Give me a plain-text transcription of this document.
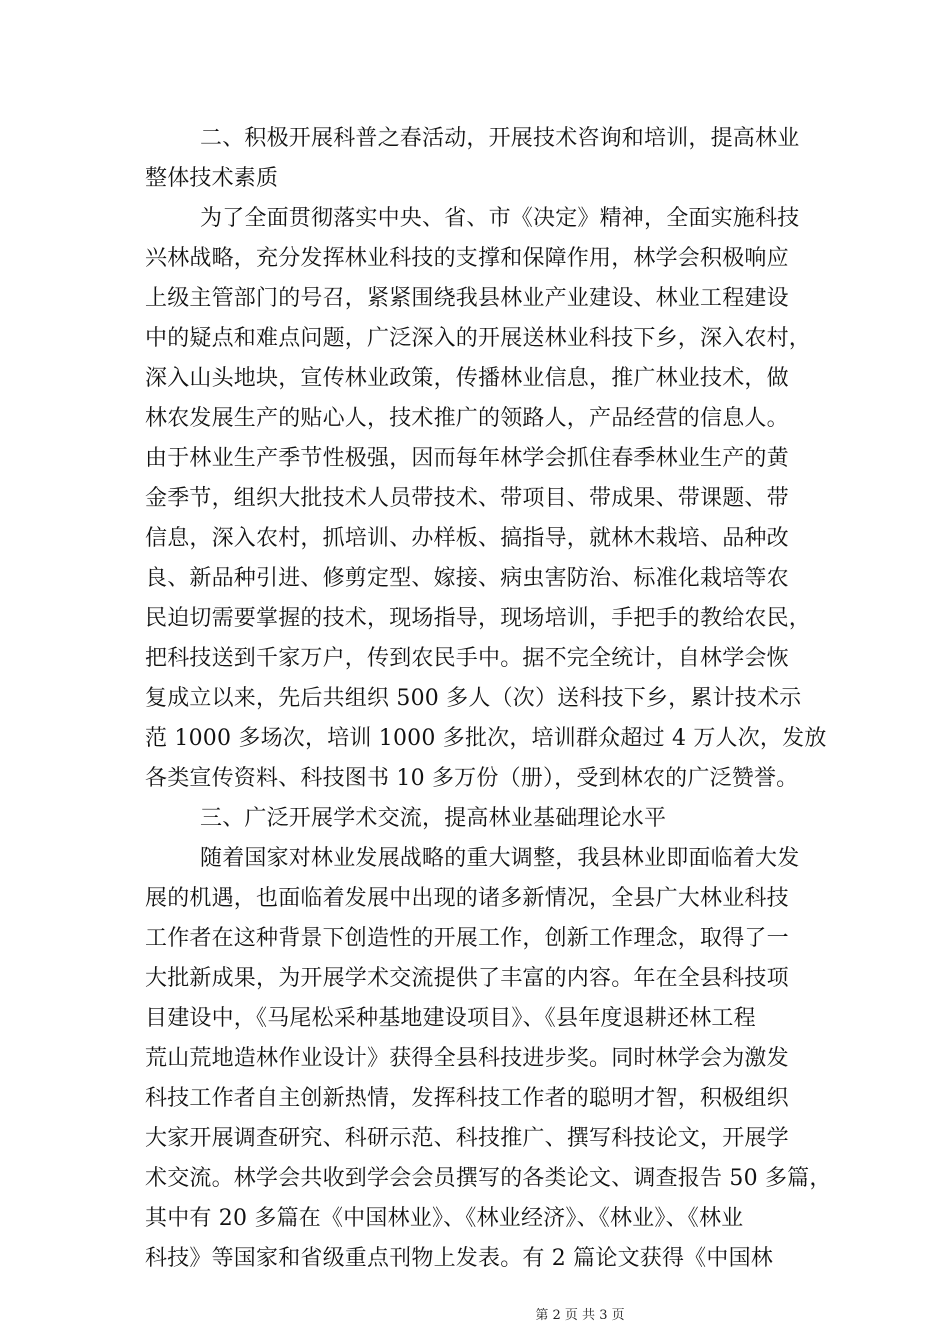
二、积极开展科普之春活动，开展技术咨询和培训，提高林业
整体技术素质
为了全面贯彻落实中央、省、市《决定》精神，全面实施科技
兴林战略，充分发挥林业科技的支撑和保障作用，林学会积极响应
上级主管部门的号召，紧紧围绕我县林业产业建设、林业工程建设
中的疑点和难点问题，广泛深入的开展送林业科技下乡，深入农村，
深入山头地块，宣传林业政策，传播林业信息，推广林业技术，做
林农发展生产的贴心人，技术推广的领路人，产品经营的信息人。
由于林业生产季节性极强，因而每年林学会抓住春季林业生产的黄
金季节，组织大批技术人员带技术、带项目、带成果、带课题、带
信息，深入农村，抓培训、办样板、搞指导，就林木栽培、品种改
良、新品种引进、修剪定型、嫁接、病虫害防治、标准化栽培等农
民迫切需要掌握的技术，现场指导，现场培训，手把手的教给农民，
把科技送到千家万户，传到农民手中。据不完全统计，自林学会恢
复成立以来，先后共组织 500 多人（次）送科技下乡，累计技术示
范 1000 多场次，培训 1000 多批次，培训群众超过 4 万人次，发放
各类宣传资料、科技图书 10 多万份（册），受到林农的广泛赞誉。
三、广泛开展学术交流，提高林业基础理论水平
随着国家对林业发展战略的重大调整，我县林业即面临着大发
展的机遇，也面临着发展中出现的诸多新情况，全县广大林业科技
工作者在这种背景下创造性的开展工作，创新工作理念，取得了一
大批新成果，为开展学术交流提供了丰富的内容。年在全县科技项
目建设中，《马尾松采种基地建设项目》、《县年度退耕还林工程
荒山荒地造林作业设计》获得全县科技进步奖。同时林学会为激发
科技工作者自主创新热情，发挥科技工作者的聪明才智，积极组织
大家开展调查研究、科研示范、科技推广、撰写科技论文，开展学
术交流。林学会共收到学会会员撰写的各类论文、调查报告 50 多篇，
其中有 20 多篇在《中国林业》、《林业经济》、《林业》、《林业
科技》等国家和省级重点刊物上发表。有 2 篇论文获得《中国林
第 2 页 共 3 页
